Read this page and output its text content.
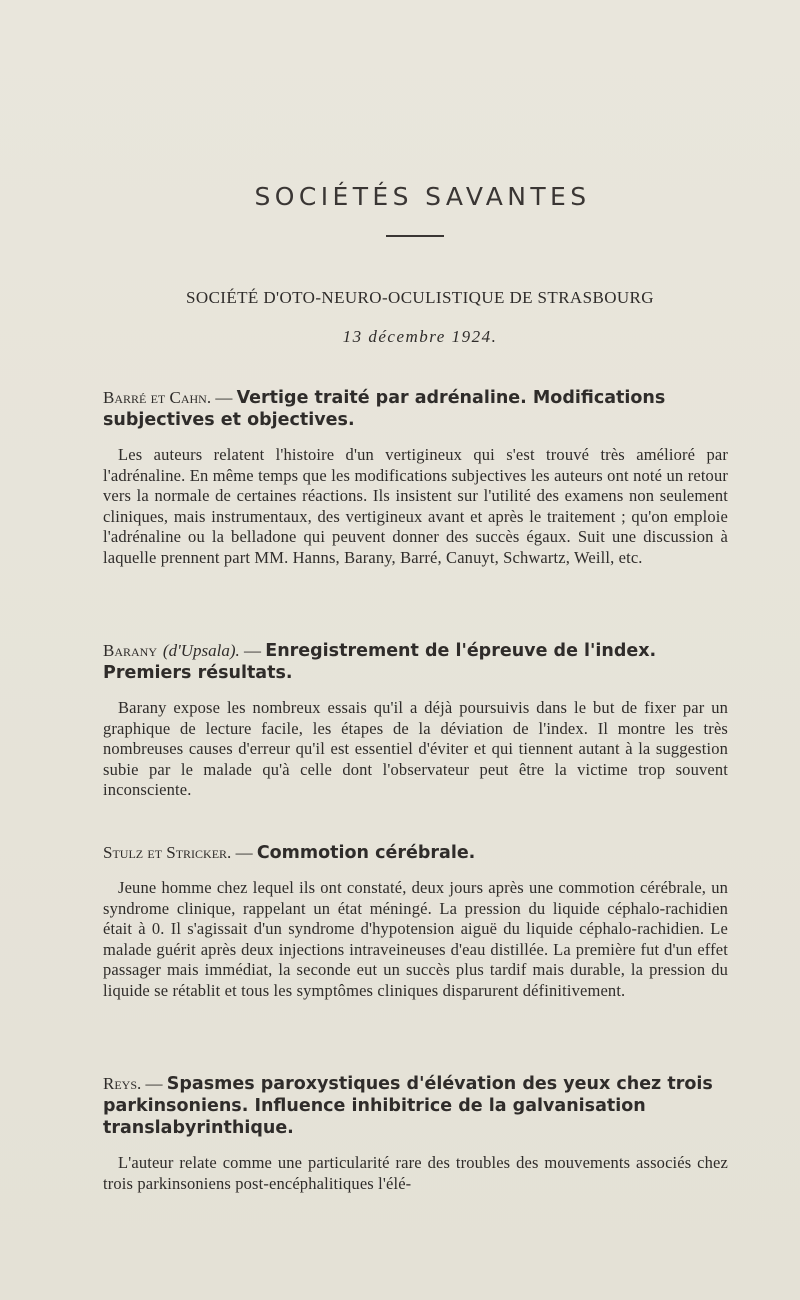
SOCIÉTÉS SAVANTES
SOCIÉTÉ D'OTO-NEURO-OCULISTIQUE DE STRASBOURG
13 décembre 1924.

Barré et Cahn. — Vertige traité par adrénaline. Modifications subjectives et objectives.

Les auteurs relatent l'histoire d'un vertigineux qui s'est trouvé très amélioré par l'adrénaline. En même temps que les modifications subjectives les auteurs ont noté un retour vers la normale de certaines réactions. Ils insistent sur l'utilité des examens non seulement cliniques, mais instrumentaux, des vertigineux avant et après le traitement ; qu'on emploie l'adrénaline ou la belladone qui peuvent donner des succès égaux. Suit une discussion à laquelle prennent part MM. Hanns, Barany, Barré, Canuyt, Schwartz, Weill, etc.

Barany (d'Upsala). — Enregistrement de l'épreuve de l'index. Premiers résultats.

Barany expose les nombreux essais qu'il a déjà poursuivis dans le but de fixer par un graphique de lecture facile, les étapes de la déviation de l'index. Il montre les très nombreuses causes d'erreur qu'il est essentiel d'éviter et qui tiennent autant à la suggestion subie par le malade qu'à celle dont l'observateur peut être la victime trop souvent inconsciente.

Stulz et Stricker. — Commotion cérébrale.

Jeune homme chez lequel ils ont constaté, deux jours après une commotion cérébrale, un syndrome clinique, rappelant un état méningé. La pression du liquide céphalo-rachidien était à 0. Il s'agissait d'un syndrome d'hypotension aiguë du liquide céphalo-rachidien. Le malade guérit après deux injections intraveineuses d'eau distillée. La première fut d'un effet passager mais immédiat, la seconde eut un succès plus tardif mais durable, la pression du liquide se rétablit et tous les symptômes cliniques disparurent définitivement.

Reys. — Spasmes paroxystiques d'élévation des yeux chez trois parkinsoniens. Influence inhibitrice de la galvanisation translabyrinthique.

L'auteur relate comme une particularité rare des troubles des mouvements associés chez trois parkinsoniens post-encéphalitiques l'élé-
